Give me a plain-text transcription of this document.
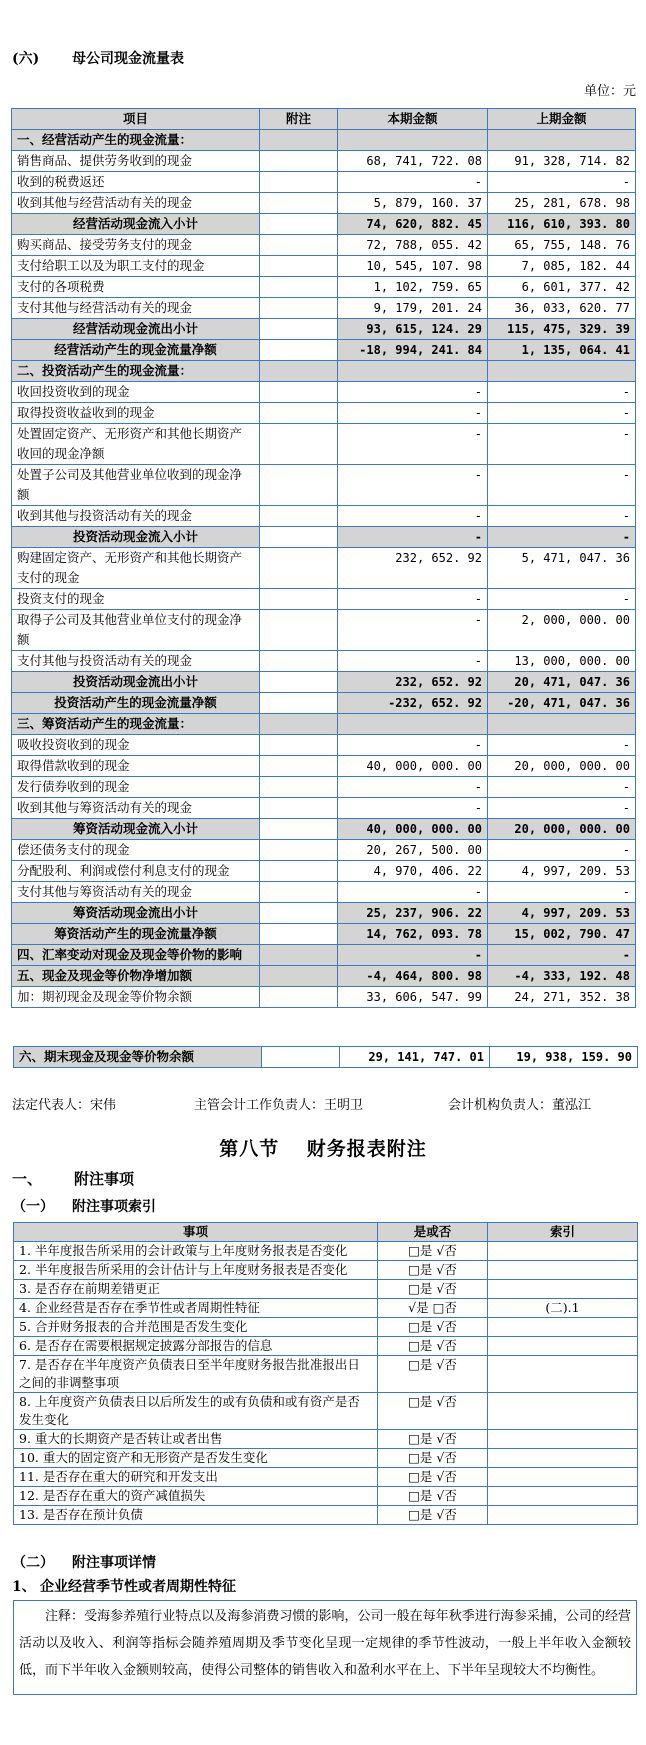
(六) 母公司现金流量表
单位：元
项目	附注	本期金额	上期金额
一、经营活动产生的现金流量：			
销售商品、提供劳务收到的现金		68, 741, 722. 08	91, 328, 714. 82
收到的税费返还		-	-
收到其他与经营活动有关的现金		5, 879, 160. 37	25, 281, 678. 98
经营活动现金流入小计		74, 620, 882. 45	116, 610, 393. 80
购买商品、接受劳务支付的现金		72, 788, 055. 42	65, 755, 148. 76
支付给职工以及为职工支付的现金		10, 545, 107. 98	7, 085, 182. 44
支付的各项税费		1, 102, 759. 65	6, 601, 377. 42
支付其他与经营活动有关的现金		9, 179, 201. 24	36, 033, 620. 77
经营活动现金流出小计		93, 615, 124. 29	115, 475, 329. 39
经营活动产生的现金流量净额		-18, 994, 241. 84	1, 135, 064. 41
二、投资活动产生的现金流量：			
收回投资收到的现金		-	-
取得投资收益收到的现金		-	-
处置固定资产、无形资产和其他长期资产收回的现金净额		-	-
处置子公司及其他营业单位收到的现金净额		-	-
收到其他与投资活动有关的现金		-	-
投资活动现金流入小计		-	-
购建固定资产、无形资产和其他长期资产支付的现金		232, 652. 92	5, 471, 047. 36
投资支付的现金		-	-
取得子公司及其他营业单位支付的现金净额		-	2, 000, 000. 00
支付其他与投资活动有关的现金		-	13, 000, 000. 00
投资活动现金流出小计		232, 652. 92	20, 471, 047. 36
投资活动产生的现金流量净额		-232, 652. 92	-20, 471, 047. 36
三、筹资活动产生的现金流量：			
吸收投资收到的现金		-	-
取得借款收到的现金		40, 000, 000. 00	20, 000, 000. 00
发行债券收到的现金		-	-
收到其他与筹资活动有关的现金		-	-
筹资活动现金流入小计		40, 000, 000. 00	20, 000, 000. 00
偿还债务支付的现金		20, 267, 500. 00	-
分配股利、利润或偿付利息支付的现金		4, 970, 406. 22	4, 997, 209. 53
支付其他与筹资活动有关的现金		-	-
筹资活动现金流出小计		25, 237, 906. 22	4, 997, 209. 53
筹资活动产生的现金流量净额		14, 762, 093. 78	15, 002, 790. 47
四、汇率变动对现金及现金等价物的影响		-	-
五、现金及现金等价物净增加额		-4, 464, 800. 98	-4, 333, 192. 48
加：期初现金及现金等价物余额		33, 606, 547. 99	24, 271, 352. 38
六、期末现金及现金等价物余额		29, 141, 747. 01	19, 938, 159. 90
法定代表人：宋伟	主管会计工作负责人：王明卫	会计机构负责人：董泓江
第八节　 财务报表附注
一、 附注事项
（一） 附注事项索引
事项	是或否	索引
1. 半年度报告所采用的会计政策与上年度财务报表是否变化	□是 √否	
2. 半年度报告所采用的会计估计与上年度财务报表是否变化	□是 √否	
3. 是否存在前期差错更正	□是 √否	
4. 企业经营是否存在季节性或者周期性特征	√是 □否	(二).1
5. 合并财务报表的合并范围是否发生变化	□是 √否	
6. 是否存在需要根据规定披露分部报告的信息	□是 √否	
7. 是否存在半年度资产负债表日至半年度财务报告批准报出日之间的非调整事项	□是 √否	
8. 上年度资产负债表日以后所发生的或有负债和或有资产是否发生变化	□是 √否	
9. 重大的长期资产是否转让或者出售	□是 √否	
10. 重大的固定资产和无形资产是否发生变化	□是 √否	
11. 是否存在重大的研究和开发支出	□是 √否	
12. 是否存在重大的资产减值损失	□是 √否	
13. 是否存在预计负债	□是 √否	
（二） 附注事项详情
1、 企业经营季节性或者周期性特征
注释：受海参养殖行业特点以及海参消费习惯的影响，公司一般在每年秋季进行海参采捕，公司的经营活动以及收入、利润等指标会随养殖周期及季节变化呈现一定规律的季节性波动，一般上半年收入金额较低，而下半年收入金额则较高，使得公司整体的销售收入和盈利水平在上、下半年呈现较大不均衡性。
